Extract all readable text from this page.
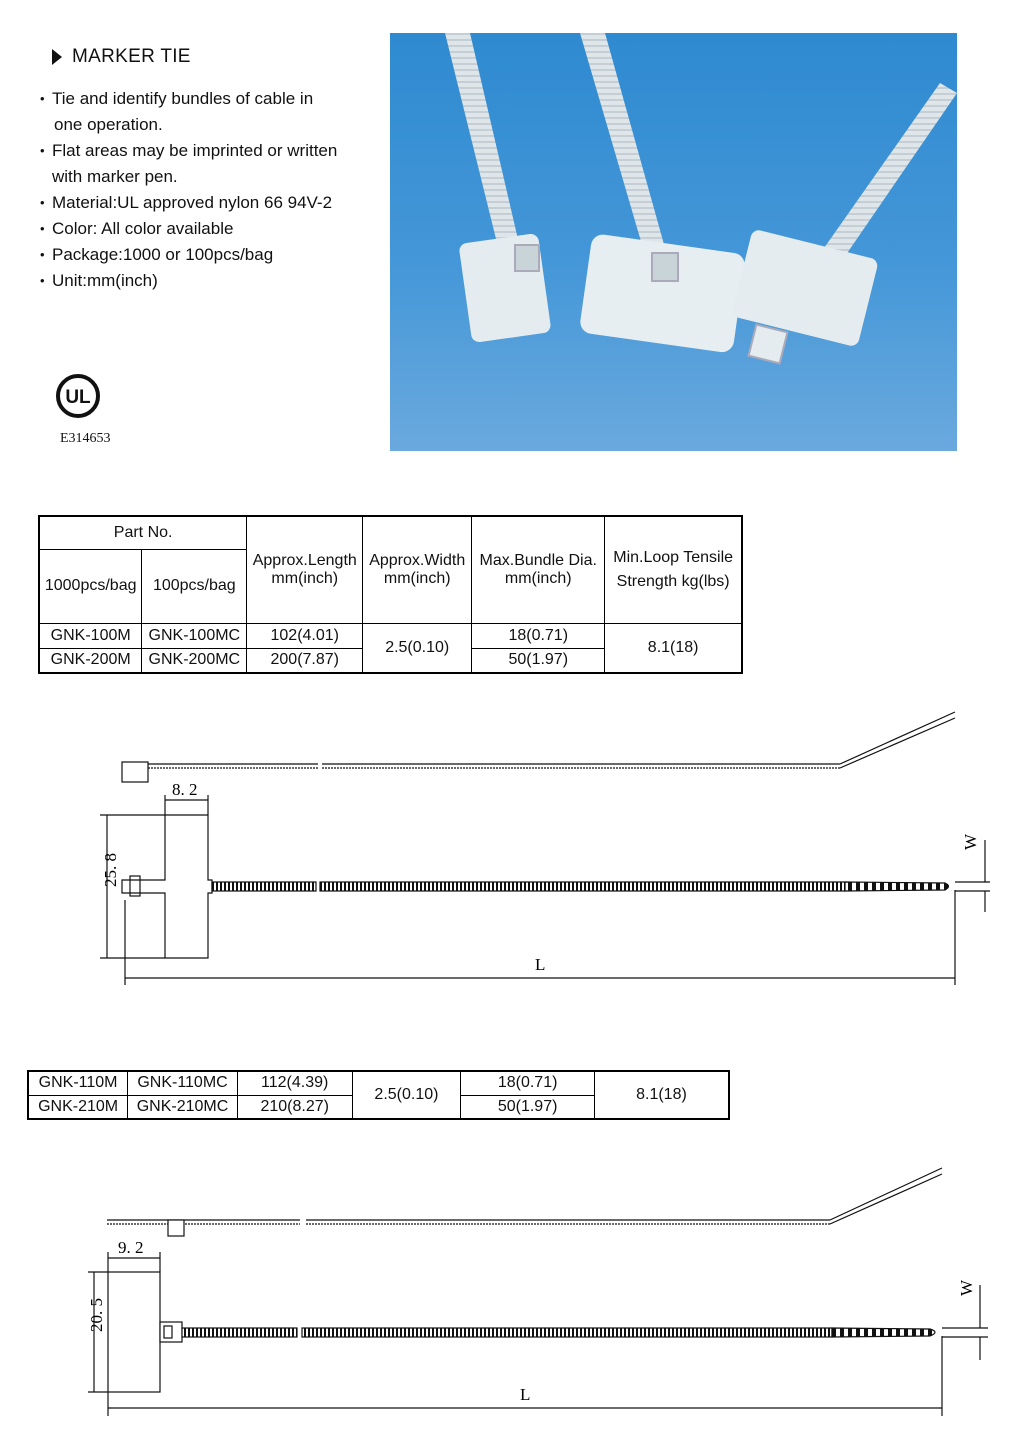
MARKER TIE
• Tie and identify bundles of cable in
one operation.
• Flat areas may be imprinted or written
with marker pen.
• Material:UL approved nylon 66 94V-2
• Color: All color available
• Package:1000 or 100pcs/bag
• Unit:mm(inch)
UL
E314653
Part No.		Approx.Length mm(inch)	Approx.Width mm(inch)	Max.Bundle Dia. mm(inch)	Min.Loop Tensile Strength kg(lbs)
1000pcs/bag	100pcs/bag				
GNK-100M	GNK-100MC	102(4.01)	2.5(0.10)	18(0.71)	8.1(18)
GNK-200M	GNK-200MC	200(7.87)		50(1.97)	
8. 2
25. 8
L
W
GNK-110M	GNK-110MC	112(4.39)	2.5(0.10)	18(0.71)	8.1(18)
GNK-210M	GNK-210MC	210(8.27)		50(1.97)	
9. 2
20. 5
L
W
